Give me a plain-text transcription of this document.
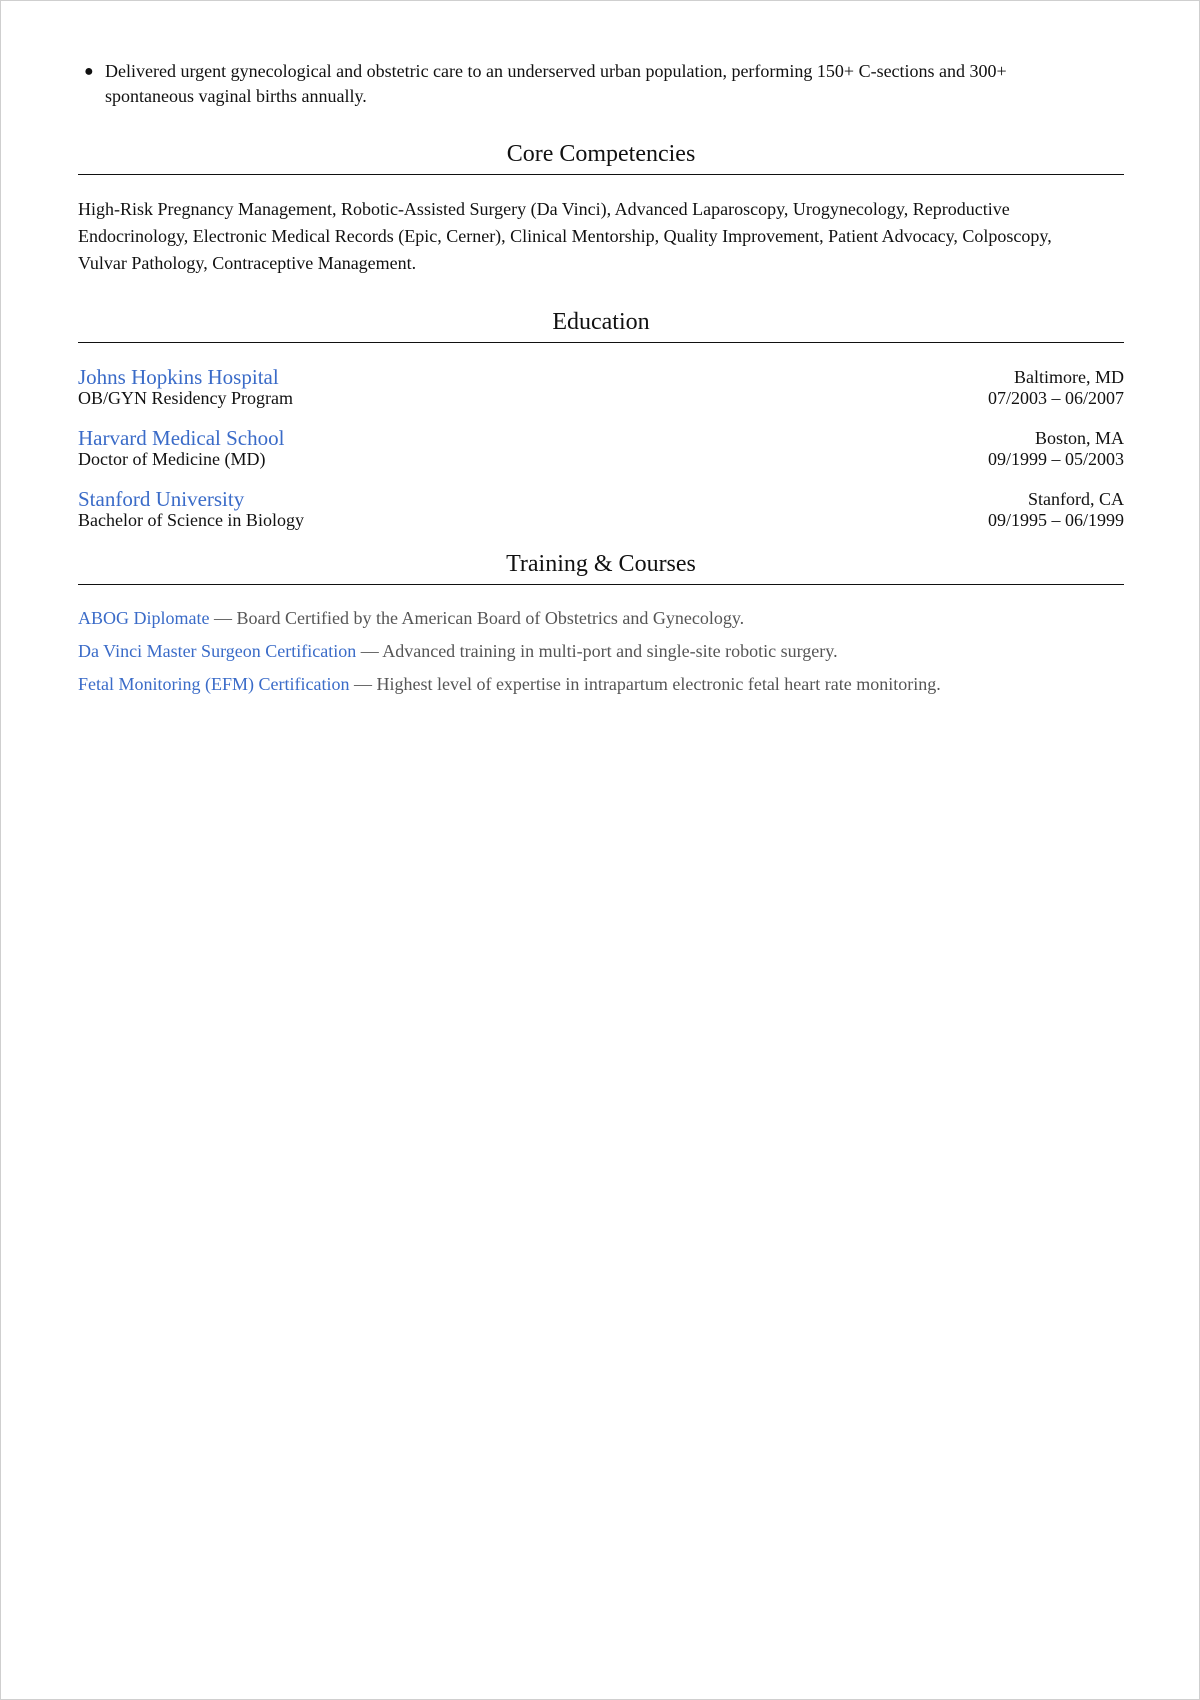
● Delivered urgent gynecological and obstetric care to an underserved urban population, performing 150+ C-sections and 300+
spontaneous vaginal births annually.
Core Competencies

High-Risk Pregnancy Management, Robotic-Assisted Surgery (Da Vinci), Advanced Laparoscopy, Urogynecology, Reproductive
Endocrinology, Electronic Medical Records (Epic, Cerner), Clinical Mentorship, Quality Improvement, Patient Advocacy, Colposcopy,
Vulvar Pathology, Contraceptive Management.

Education
Johns Hopkins Hospital
OB/GYN Residency Program
Baltimore, MD
07/2003 – 06/2007
Harvard Medical School
Doctor of Medicine (MD)
Boston, MA
09/1999 – 05/2003
Stanford University
Bachelor of Science in Biology
Stanford, CA
09/1995 – 06/1999
Training & Courses
ABOG Diplomate — Board Certified by the American Board of Obstetrics and Gynecology.
Da Vinci Master Surgeon Certification — Advanced training in multi-port and single-site robotic surgery.
Fetal Monitoring (EFM) Certification — Highest level of expertise in intrapartum electronic fetal heart rate monitoring.
